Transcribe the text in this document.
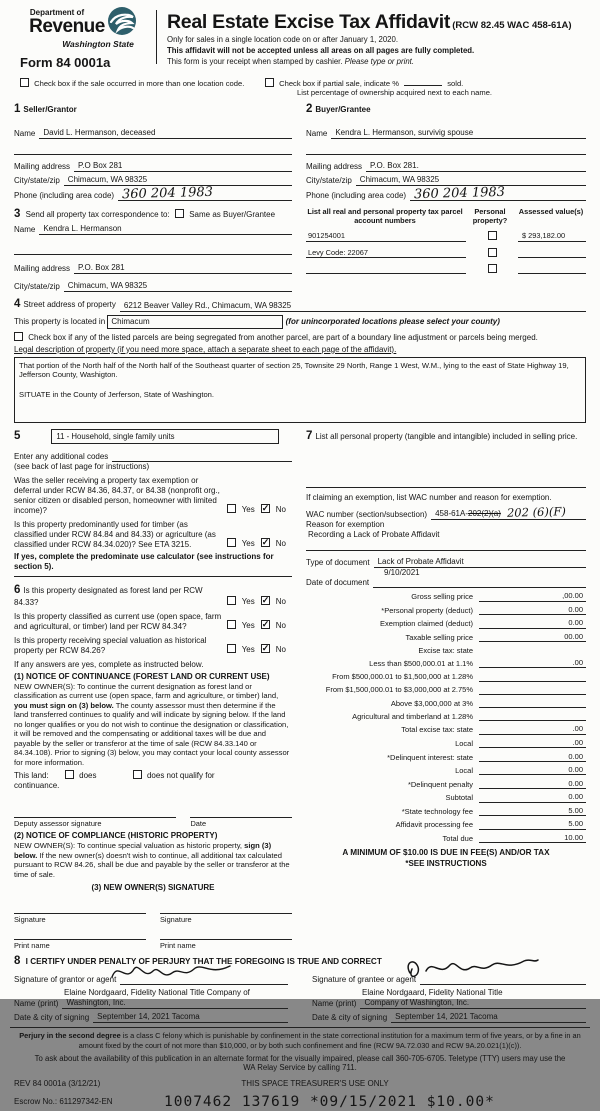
Department of
Revenue
Washington State
Form 84 0001a
Real Estate Excise Tax Affidavit (RCW 82.45 WAC 458-61A)
Only for sales in a single location code on or after January 1, 2020.
This affidavit will not be accepted unless all areas on all pages are fully completed.
This form is your receipt when stamped by cashier. Please type or print.
Check box if the sale occurred in more than one location code.	Check box if partial sale, indicate %	sold.
List percentage of ownership acquired next to each name.
1 Seller/Grantor
Name	David L. Hermanson, deceased
Mailing address	P.O Box 281
City/state/zip	Chimacum, WA 98325
Phone (including area code) 360 204 1983
2 Buyer/Grantee
Name	Kendra L. Hermanson, survivig spouse
Mailing address	P.O. Box 281.
City/state/zip	Chimacum, WA 98325
Phone (including area code) 360 204 1983
3 Send all property tax correspondence to: Same as Buyer/Grantee
Name	Kendra L. Hermanson
Mailing address	P.O. Box 281
City/state/zip	Chimacum, WA 98325
List all real and personal property tax parcel account numbers
Personal property?
Assessed value(s)
901254001	$ 293,182.00
Levy Code: 22067
4 Street address of property	6212 Beaver Valley Rd., Chimacum, WA 98325
This property is located in Chimacum	(for unincorporated locations please select your county)
Check box if any of the listed parcels are being segregated from another parcel, are part of a boundary line adjustment or parcels being merged.
Legal description of property (if you need more space, attach a separate sheet to each page of the affidavit).
That portion of the North half of the North half of the Southeast quarter of section 25, Townsite 29 North, Range 1 West, W.M., lying to the east of State Highway 19, Jefferson County, Washigton.
SITUATE in the County of Jerferson, State of Washington.
5	11 - Household, single family units
Enter any additional codes
(see back of last page for instructions)
Was the seller receiving a property tax exemption or deferral under RCW 84.36, 84.37, or 84.38 (nonprofit org., senior citizen or disabled person, homeowner with limited income)?	Yes ✓	No
Is this property predominantly used for timber (as classified under RCW 84.84 and 84.33) or agriculture (as classified under RCW 84.34.020)? See ETA 3215.	Yes ✓	No
If yes, complete the predominate use calculator (see instructions for section 5).
6 Is this property designated as forest land per RCW 84.33?	Yes ✓	No
Is this property classified as current use (open space, farm and agricultural, or timber) land per RCW 84.34?	Yes ✓	No
Is this property receiving special valuation as historical property per RCW 84.26?	Yes ✓	No
If any answers are yes, complete as instructed below.
(1) NOTICE OF CONTINUANCE (FOREST LAND OR CURRENT USE)
NEW OWNER(S): To continue the current designation as forest land or classification as current use (open space, farm and agriculture, or timber) land, you must sign on (3) below. The county assessor must then determine if the land transferred continues to qualify and will indicate by signing below. If the land no longer qualifies or you do not wish to continue the designation or classification, it will be removed and the compensating or additional taxes will be due and payable by the seller or transferor at the time of sale (RCW 84.33.140 or 84.34.108). Prior to signing (3) below, you may contact your local county assessor for more information.
This land:	does	does not qualify for
continuance.
Deputy assessor signature	Date
(2) NOTICE OF COMPLIANCE (HISTORIC PROPERTY)
NEW OWNER(S): To continue special valuation as historic property, sign (3) below. If the new owner(s) doesn't wish to continue, all additional tax calculated pursuant to RCW 84.26, shall be due and payable by the seller or transferor at the time of sale.
(3) NEW OWNER(S) SIGNATURE
Signature	Signature
Print name	Print name
7 List all personal property (tangible and intangible) included in selling price.
If claiming an exemption, list WAC number and reason for exemption.
WAC number (section/subsection)	458-61A-202(2)(a) 202 (6)(F)
Reason for exemption
Recording a Lack of Probate Affidavit
Type of document	Lack of Probate Affidavit
9/10/2021
Date of document
Gross selling price	,00.00
*Personal property (deduct)	0.00
Exemption claimed (deduct)	0.00
Taxable selling price	00.00
Excise tax: state
Less than $500,000.01 at 1.1%	.00
From $500,000.01 to $1,500,000 at 1.28%
From $1,500,000.01 to $3,000,000 at 2.75%
Above $3,000,000 at 3%
Agricultural and timberland at 1.28%
Total excise tax: state	.00
Local	.00
*Delinquent interest: state	0.00
Local	0.00
*Delinquent penalty	0.00
Subtotal	0.00
*State technology fee	5.00
Affidavit processing fee	5.00
Total due	10.00
A MINIMUM OF $10.00 IS DUE IN FEE(S) AND/OR TAX
*SEE INSTRUCTIONS
8 I CERTIFY UNDER PENALTY OF PERJURY THAT THE FOREGOING IS TRUE AND CORRECT
Signature of grantor or agent
Elaine Nordgaard, Fidelity National Title Company of
Name (print)	Washington, Inc.
Date & city of signing	September 14, 2021 Tacoma
Signature of grantee or agent
Elaine Nordgaard, Fidelity National Title
Name (print)	Company of Washington, Inc.
Date & city of signing	September 14, 2021 Tacoma
Perjury in the second degree is a class C felony which is punishable by confinement in the state correctional institution for a maximum term of five years, or by a fine in an amount fixed by the court of not more than $10,000, or by both such confinement and fine (RCW 9A.72.030 and RCW 9A.20.021(1)(c)).
To ask about the availability of this publication in an alternate format for the visually impaired, please call 360-705-6705. Teletype (TTY) users may use the WA Relay Service by calling 711.
REV 84 0001a (3/12/21)	THIS SPACE TREASURER'S USE ONLY
Escrow No.: 611297342-EN	1007462 137619 *09/15/2021 $10.00*
